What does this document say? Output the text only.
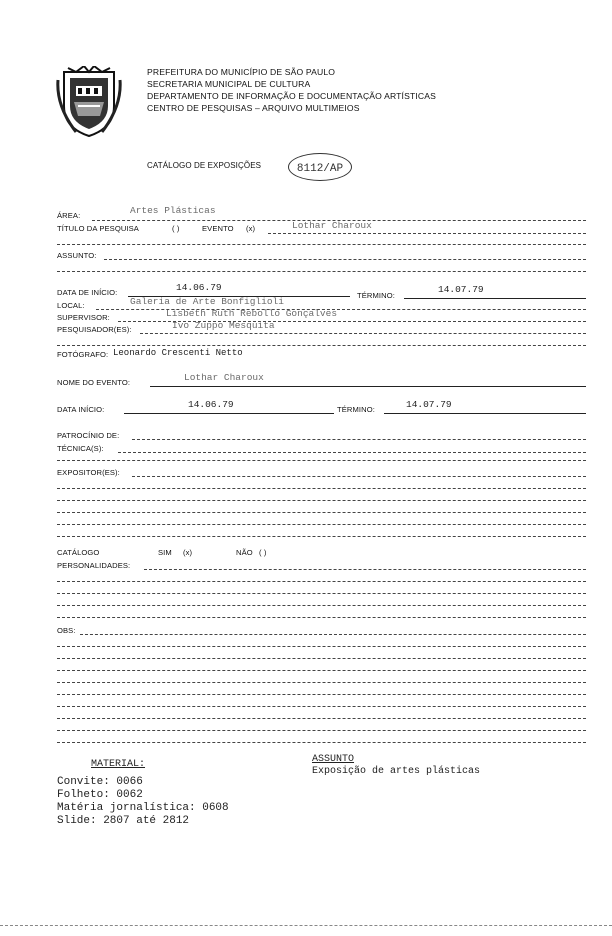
PREFEITURA DO MUNICÍPIO DE SÃO PAULO
SECRETARIA MUNICIPAL DE CULTURA
DEPARTAMENTO DE INFORMAÇÃO E DOCUMENTAÇÃO ARTÍSTICAS
CENTRO DE PESQUISAS – ARQUIVO MULTIMEIOS
CATÁLOGO DE EXPOSIÇÕES	8112/AP
ÁREA:	Artes Plásticas
TÍTULO DA PESQUISA	( )	EVENTO (x)	Lothar Charoux
ASSUNTO:
DATA DE INÍCIO:	14.06.79
TÉRMINO:
14.07.79
LOCAL:	Galeria de Arte Bonfiglioli
SUPERVISOR:	Lisbeth Ruth Rebollo Gonçalves
PESQUISADOR(ES):	Ivo Zuppo Mesquita
FOTÓGRAFO: Leonardo Crescenti Netto
NOME DO EVENTO:	Lothar Charoux
DATA INÍCIO:	14.06.79	TÉRMINO:	14.07.79
PATROCÍNIO DE:
TÉCNICA(S):
EXPOSITOR(ES):
CATÁLOGO	SIM (x)	NÃO ( )
PERSONALIDADES:
OBS:
MATERIAL:
Convite: 0066
Folheto: 0062
Matéria jornalística: 0608
Slide: 2807 até 2812
ASSUNTO
Exposição de artes plásticas
